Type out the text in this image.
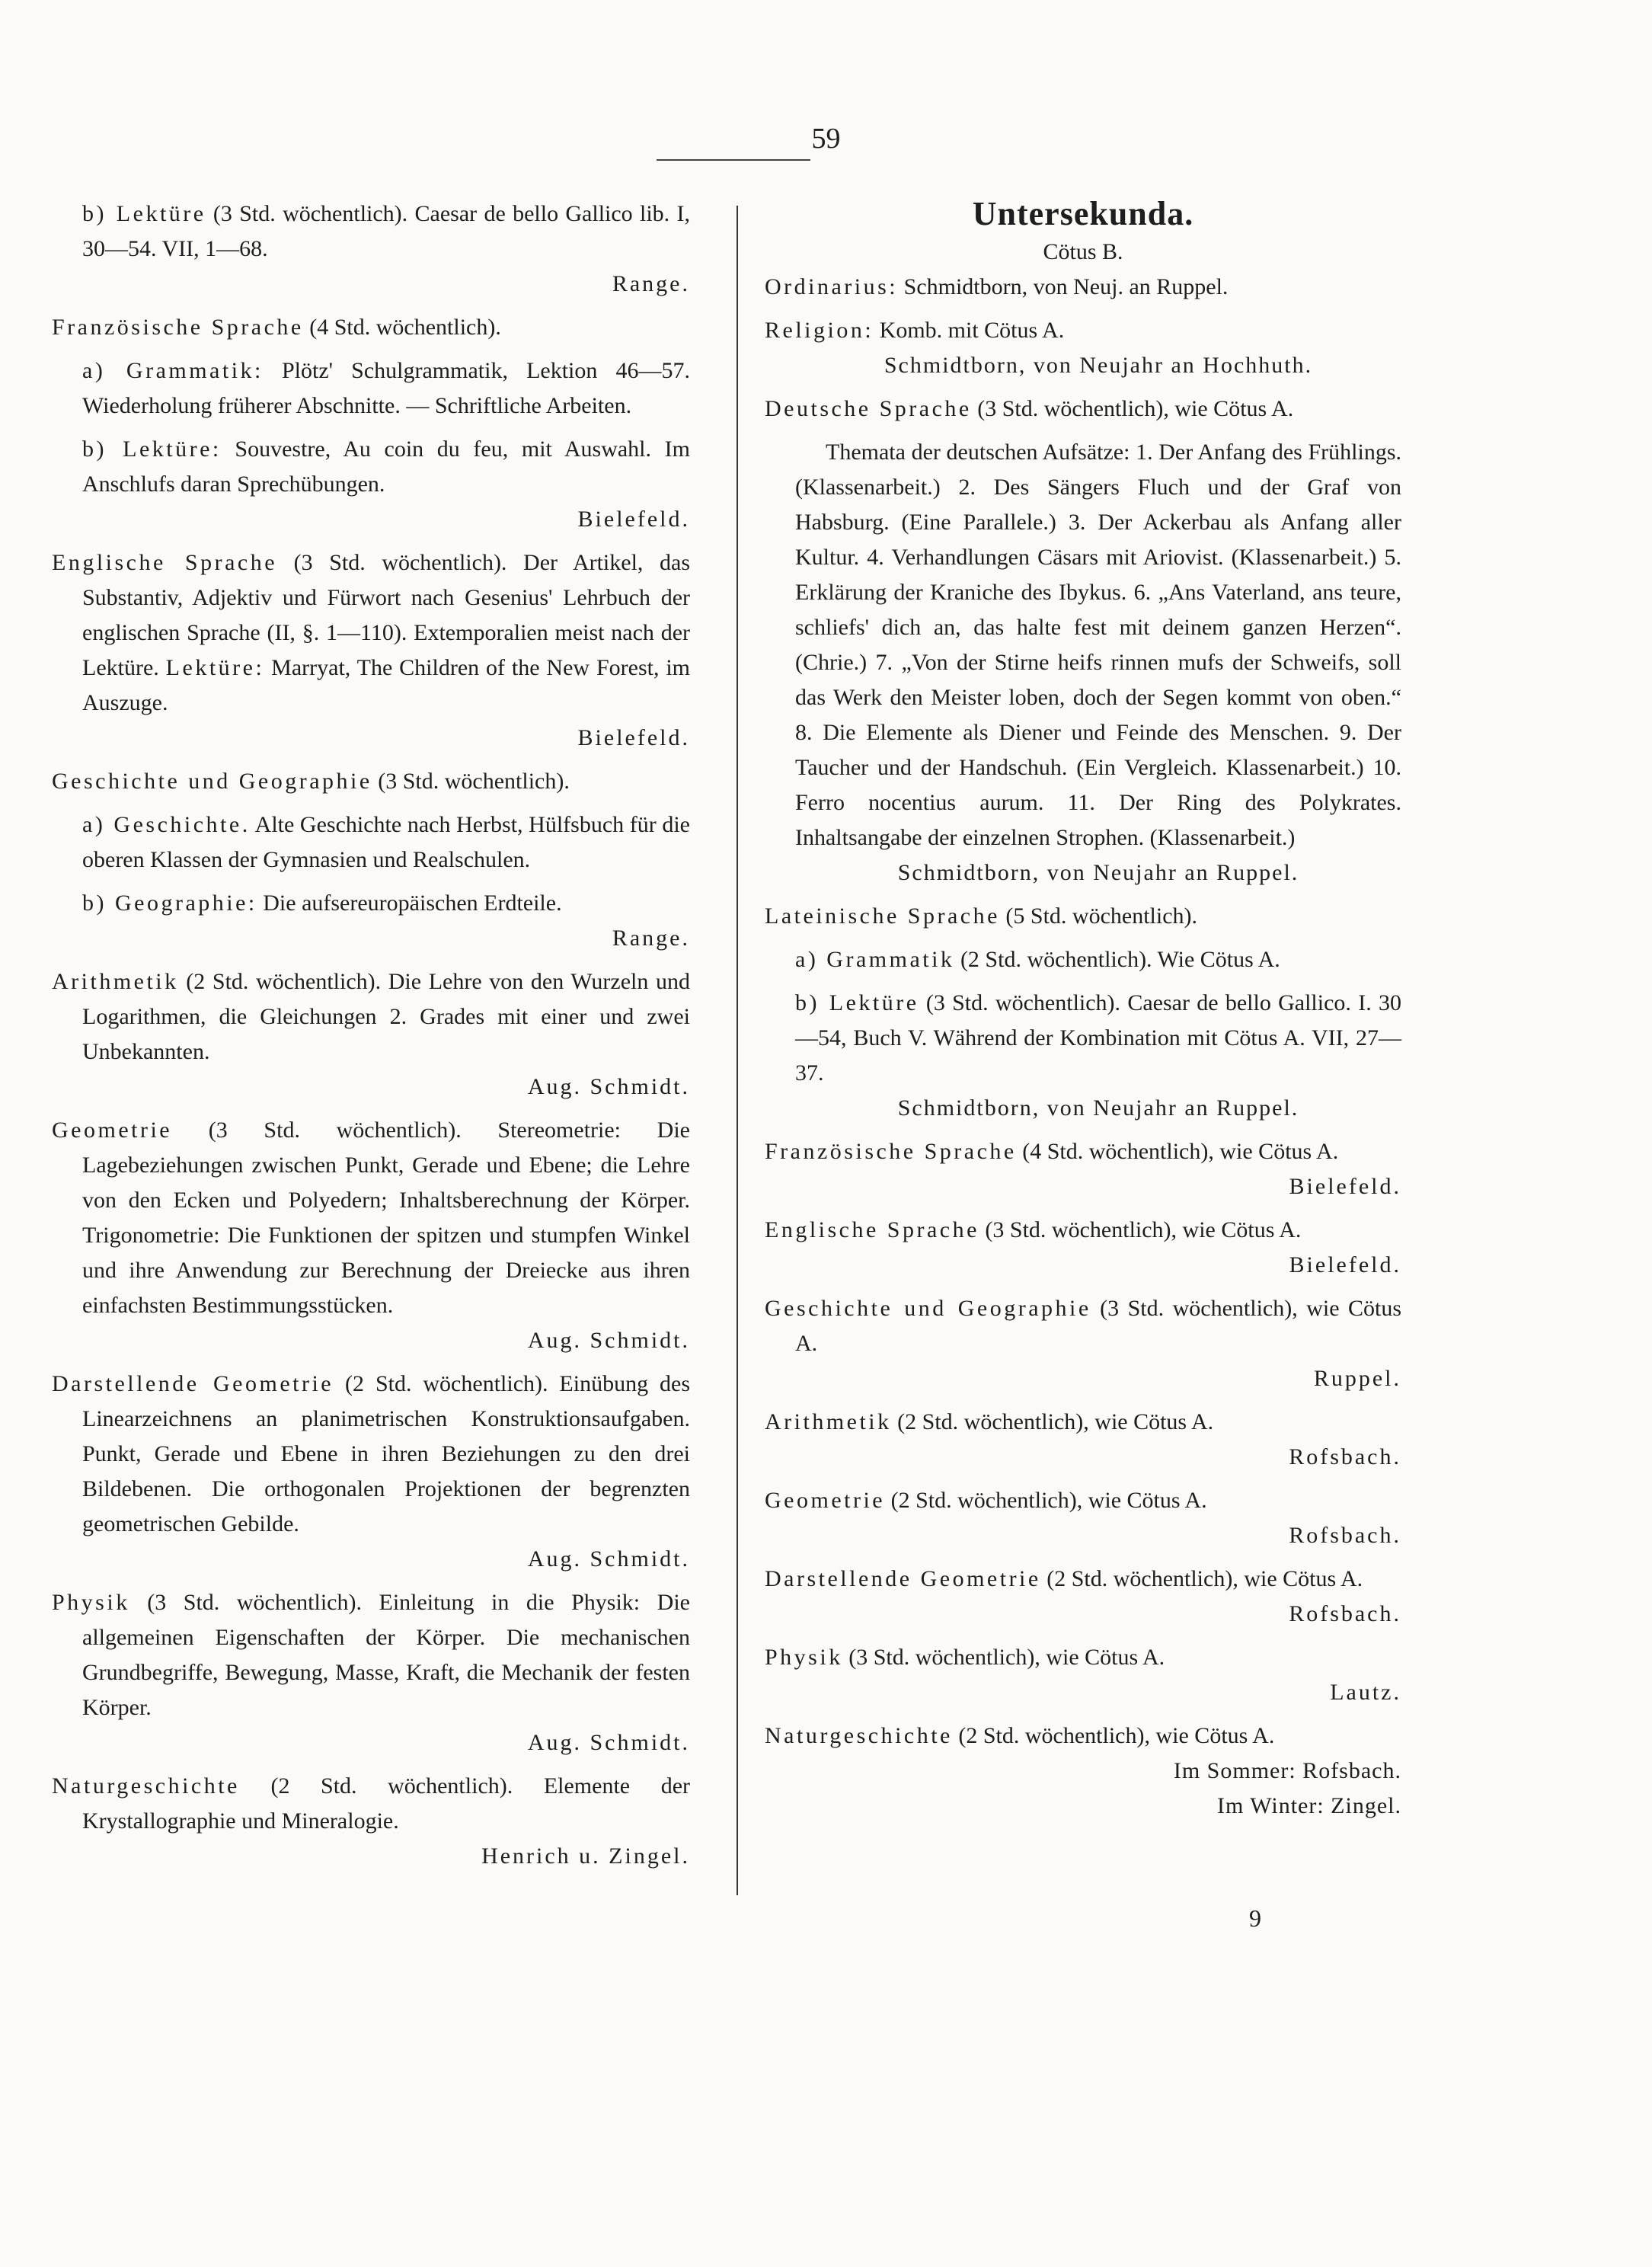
59
b) Lektüre (3 Std. wöchentlich). Caesar de bello Gallico lib. I, 30—54. VII, 1—68.
Range.
Französische Sprache (4 Std. wöchentlich).
a) Grammatik: Plötz' Schulgrammatik, Lektion 46—57. Wiederholung früherer Abschnitte. — Schriftliche Arbeiten.
b) Lektüre: Souvestre, Au coin du feu, mit Auswahl. Im Anschlufs daran Sprechübungen.
Bielefeld.
Englische Sprache (3 Std. wöchentlich). Der Artikel, das Substantiv, Adjektiv und Fürwort nach Gesenius' Lehrbuch der englischen Sprache (II, §. 1—110). Extemporalien meist nach der Lektüre. Lektüre: Marryat, The Children of the New Forest, im Auszuge.
Bielefeld.
Geschichte und Geographie (3 Std. wöchentlich).
a) Geschichte. Alte Geschichte nach Herbst, Hülfsbuch für die oberen Klassen der Gymnasien und Realschulen.
b) Geographie: Die aufsereuropäischen Erdteile.
Range.
Arithmetik (2 Std. wöchentlich). Die Lehre von den Wurzeln und Logarithmen, die Gleichungen 2. Grades mit einer und zwei Unbekannten.
Aug. Schmidt.
Geometrie (3 Std. wöchentlich). Stereometrie: Die Lagebeziehungen zwischen Punkt, Gerade und Ebene; die Lehre von den Ecken und Polyedern; Inhaltsberechnung der Körper. Trigonometrie: Die Funktionen der spitzen und stumpfen Winkel und ihre Anwendung zur Berechnung der Dreiecke aus ihren einfachsten Bestimmungsstücken.
Aug. Schmidt.
Darstellende Geometrie (2 Std. wöchentlich). Einübung des Linearzeichnens an planimetrischen Konstruktionsaufgaben. Punkt, Gerade und Ebene in ihren Beziehungen zu den drei Bildebenen. Die orthogonalen Projektionen der begrenzten geometrischen Gebilde.
Aug. Schmidt.
Physik (3 Std. wöchentlich). Einleitung in die Physik: Die allgemeinen Eigenschaften der Körper. Die mechanischen Grundbegriffe, Bewegung, Masse, Kraft, die Mechanik der festen Körper.
Aug. Schmidt.
Naturgeschichte (2 Std. wöchentlich). Elemente der Krystallographie und Mineralogie.
Henrich u. Zingel.
Untersekunda.
Cötus B.
Ordinarius: Schmidtborn, von Neuj. an Ruppel.
Religion: Komb. mit Cötus A.
Schmidtborn, von Neujahr an Hochhuth.
Deutsche Sprache (3 Std. wöchentlich), wie Cötus A.
Themata der deutschen Aufsätze: 1. Der Anfang des Frühlings. (Klassenarbeit.) 2. Des Sängers Fluch und der Graf von Habsburg. (Eine Parallele.) 3. Der Ackerbau als Anfang aller Kultur. 4. Verhandlungen Cäsars mit Ariovist. (Klassenarbeit.) 5. Erklärung der Kraniche des Ibykus. 6. „Ans Vaterland, ans teure, schliefs' dich an, das halte fest mit deinem ganzen Herzen“. (Chrie.) 7. „Von der Stirne heifs rinnen mufs der Schweifs, soll das Werk den Meister loben, doch der Segen kommt von oben.“ 8. Die Elemente als Diener und Feinde des Menschen. 9. Der Taucher und der Handschuh. (Ein Vergleich. Klassenarbeit.) 10. Ferro nocentius aurum. 11. Der Ring des Polykrates. Inhaltsangabe der einzelnen Strophen. (Klassenarbeit.)
Schmidtborn, von Neujahr an Ruppel.
Lateinische Sprache (5 Std. wöchentlich).
a) Grammatik (2 Std. wöchentlich). Wie Cötus A.
b) Lektüre (3 Std. wöchentlich). Caesar de bello Gallico. I. 30—54, Buch V. Während der Kombination mit Cötus A. VII, 27—37.
Schmidtborn, von Neujahr an Ruppel.
Französische Sprache (4 Std. wöchentlich), wie Cötus A.
Bielefeld.
Englische Sprache (3 Std. wöchentlich), wie Cötus A.
Bielefeld.
Geschichte und Geographie (3 Std. wöchentlich), wie Cötus A.
Ruppel.
Arithmetik (2 Std. wöchentlich), wie Cötus A.
Rofsbach.
Geometrie (2 Std. wöchentlich), wie Cötus A.
Rofsbach.
Darstellende Geometrie (2 Std. wöchentlich), wie Cötus A.
Rofsbach.
Physik (3 Std. wöchentlich), wie Cötus A.
Lautz.
Naturgeschichte (2 Std. wöchentlich), wie Cötus A.
Im Sommer: Rofsbach.
Im Winter: Zingel.
9
